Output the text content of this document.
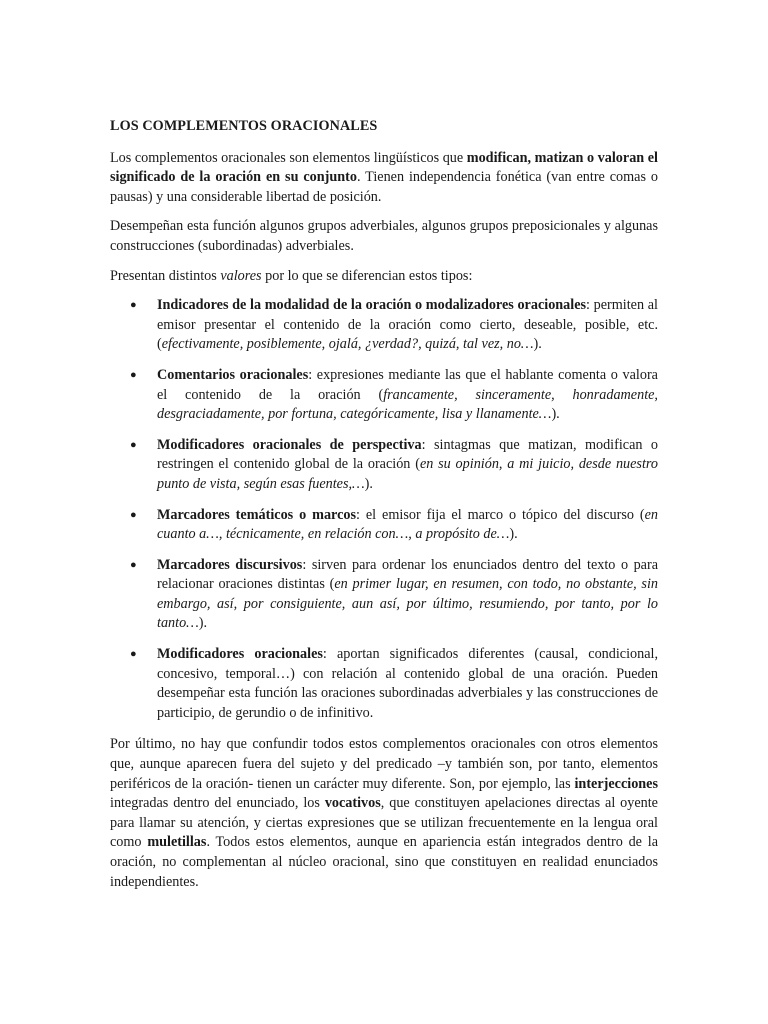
LOS COMPLEMENTOS ORACIONALES

Los complementos oracionales son elementos lingüísticos que modifican, matizan o valoran el significado de la oración en su conjunto. Tienen independencia fonética (van entre comas o pausas) y una considerable libertad de posición.

Desempeñan esta función algunos grupos adverbiales, algunos grupos preposicionales y algunas construcciones (subordinadas) adverbiales.

Presentan distintos valores por lo que se diferencian estos tipos:

● Indicadores de la modalidad de la oración o modalizadores oracionales: permiten al emisor presentar el contenido de la oración como cierto, deseable, posible, etc. (efectivamente, posiblemente, ojalá, ¿verdad?, quizá, tal vez, no…).
● Comentarios oracionales: expresiones mediante las que el hablante comenta o valora el contenido de la oración (francamente, sinceramente, honradamente, desgraciadamente, por fortuna, categóricamente, lisa y llanamente…).
● Modificadores oracionales de perspectiva: sintagmas que matizan, modifican o restringen el contenido global de la oración (en su opinión, a mi juicio, desde nuestro punto de vista, según esas fuentes,…).
● Marcadores temáticos o marcos: el emisor fija el marco o tópico del discurso (en cuanto a…, técnicamente, en relación con…, a propósito de…).
● Marcadores discursivos: sirven para ordenar los enunciados dentro del texto o para relacionar oraciones distintas (en primer lugar, en resumen, con todo, no obstante, sin embargo, así, por consiguiente, aun así, por último, resumiendo, por tanto, por lo tanto…).
● Modificadores oracionales: aportan significados diferentes (causal, condicional, concesivo, temporal…) con relación al contenido global de una oración. Pueden desempeñar esta función las oraciones subordinadas adverbiales y las construcciones de participio, de gerundio o de infinitivo.

Por último, no hay que confundir todos estos complementos oracionales con otros elementos que, aunque aparecen fuera del sujeto y del predicado –y también son, por tanto, elementos periféricos de la oración- tienen un carácter muy diferente. Son, por ejemplo, las interjecciones integradas dentro del enunciado, los vocativos, que constituyen apelaciones directas al oyente para llamar su atención, y ciertas expresiones que se utilizan frecuentemente en la lengua oral como muletillas. Todos estos elementos, aunque en apariencia están integrados dentro de la oración, no complementan al núcleo oracional, sino que constituyen en realidad enunciados independientes.
